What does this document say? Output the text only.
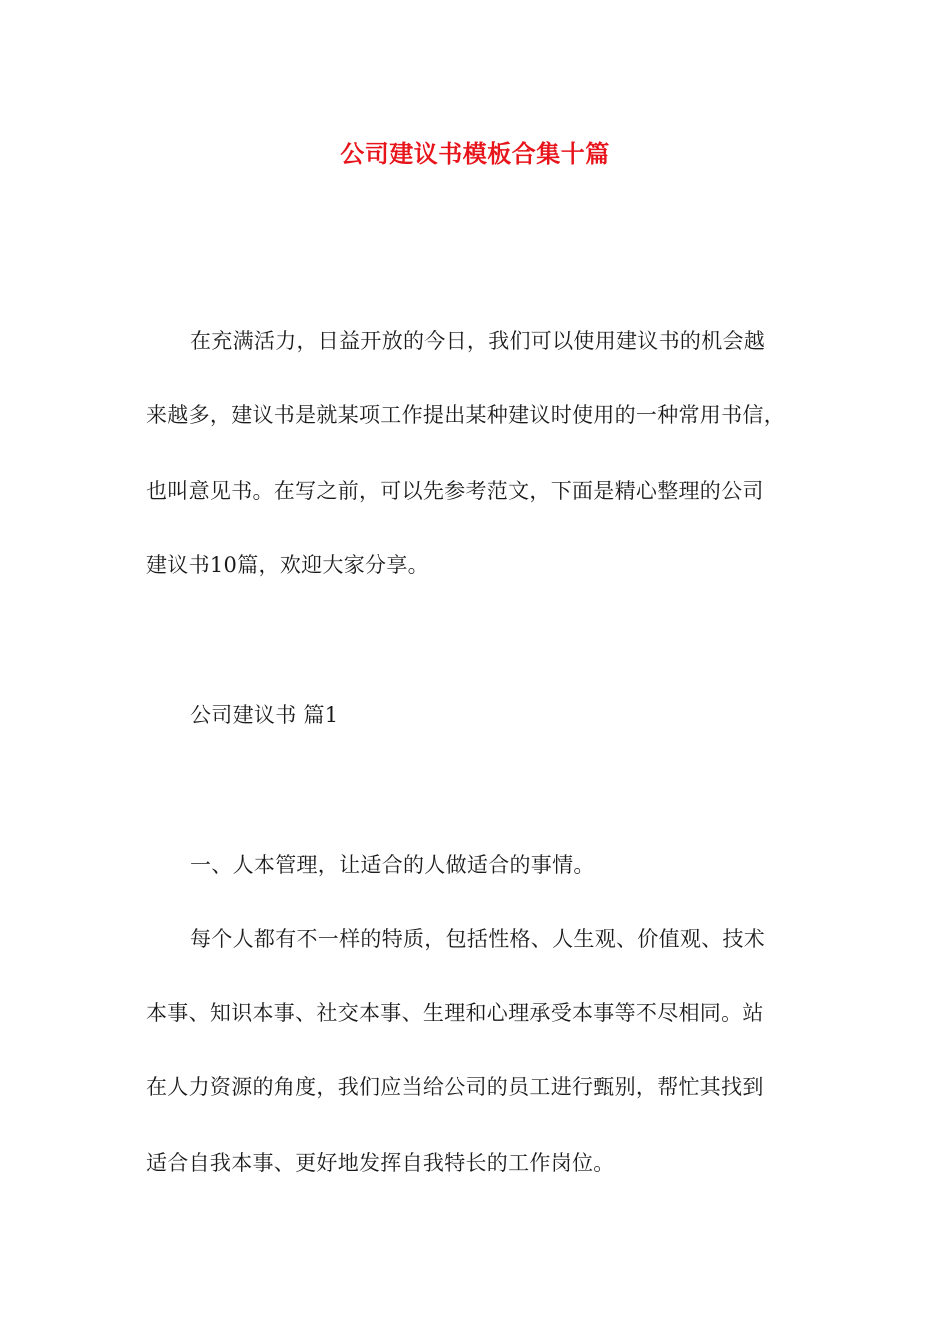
公司建议书模板合集十篇

在充满活力，日益开放的今日，我们可以使用建议书的机会越

来越多，建议书是就某项工作提出某种建议时使用的一种常用书信，

也叫意见书。在写之前，可以先参考范文，下面是精心整理的公司

建议书10篇，欢迎大家分享。

公司建议书 篇1

一、人本管理，让适合的人做适合的事情。

每个人都有不一样的特质，包括性格、人生观、价值观、技术

本事、知识本事、社交本事、生理和心理承受本事等不尽相同。站

在人力资源的角度，我们应当给公司的员工进行甄别，帮忙其找到

适合自我本事、更好地发挥自我特长的工作岗位。
